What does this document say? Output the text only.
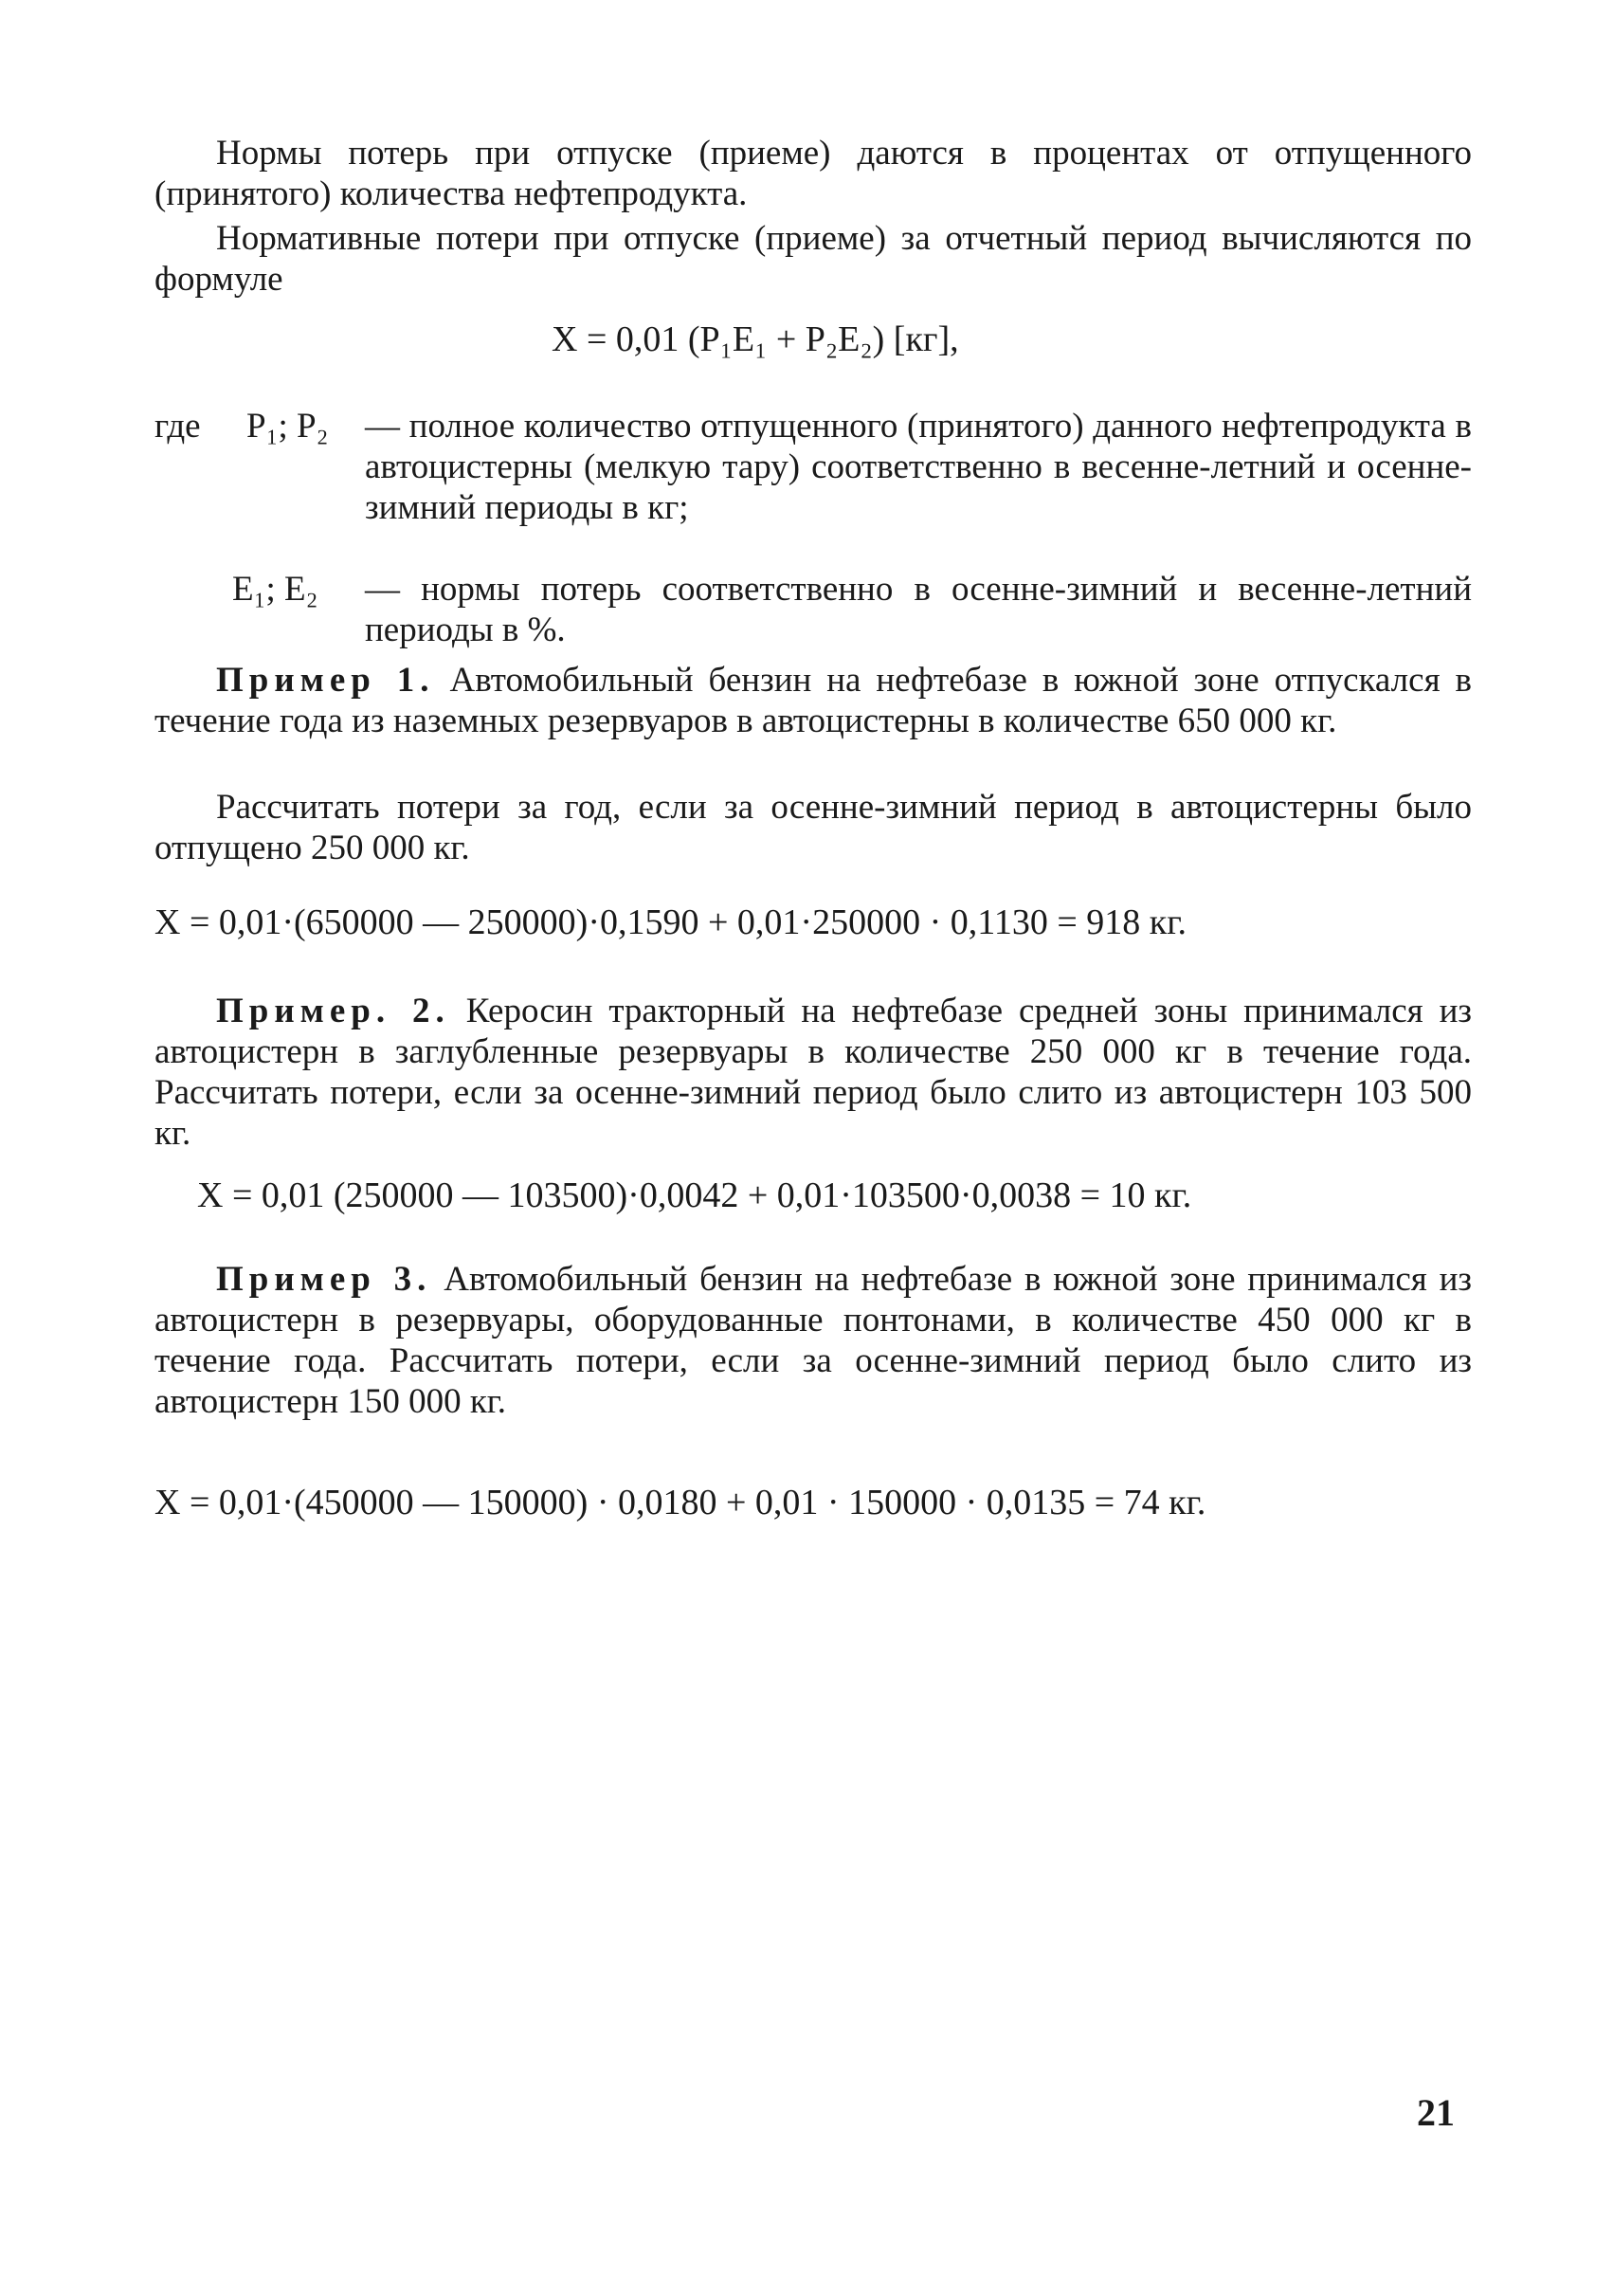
Нормы потерь при отпуске (приеме) даются в процентах от отпущенного (принятого) количества нефтепродукта.

Нормативные потери при отпуске (приеме) за отчетный период вычисляются по формуле

X = 0,01 (P₁E₁ + P₂E₂) [кг],

где P₁; P₂	— полное количество отпущенного (принятого) данного нефтепродукта в автоцистерны (мелкую тару) соответственно в весенне-летний и осенне-зимний периоды в кг;
E₁; E₂	— нормы потерь соответственно в осенне-зимний и весенне-летний периоды в %.

Пример 1. Автомобильный бензин на нефтебазе в южной зоне отпускался в течение года из наземных резервуаров в автоцистерны в количестве 650 000 кг.

Рассчитать потери за год, если за осенне-зимний период в автоцистерны было отпущено 250 000 кг.

X = 0,01·(650000 — 250000)·0,1590 + 0,01·250000 · 0,1130 = 918 кг.

Пример. 2. Керосин тракторный на нефтебазе средней зоны принимался из автоцистерн в заглубленные резервуары в количестве 250 000 кг в течение года. Рассчитать потери, если за осенне-зимний период было слито из автоцистерн 103 500 кг.

X = 0,01 (250000 — 103500)·0,0042 + 0,01·103500·0,0038 = 10 кг.

Пример 3. Автомобильный бензин на нефтебазе в южной зоне принимался из автоцистерн в резервуары, оборудованные понтонами, в количестве 450 000 кг в течение года. Рассчитать потери, если за осенне-зимний период было слито из автоцистерн 150 000 кг.

X = 0,01·(450000 — 150000) · 0,0180 + 0,01 · 150000 · 0,0135 = 74 кг.

21
